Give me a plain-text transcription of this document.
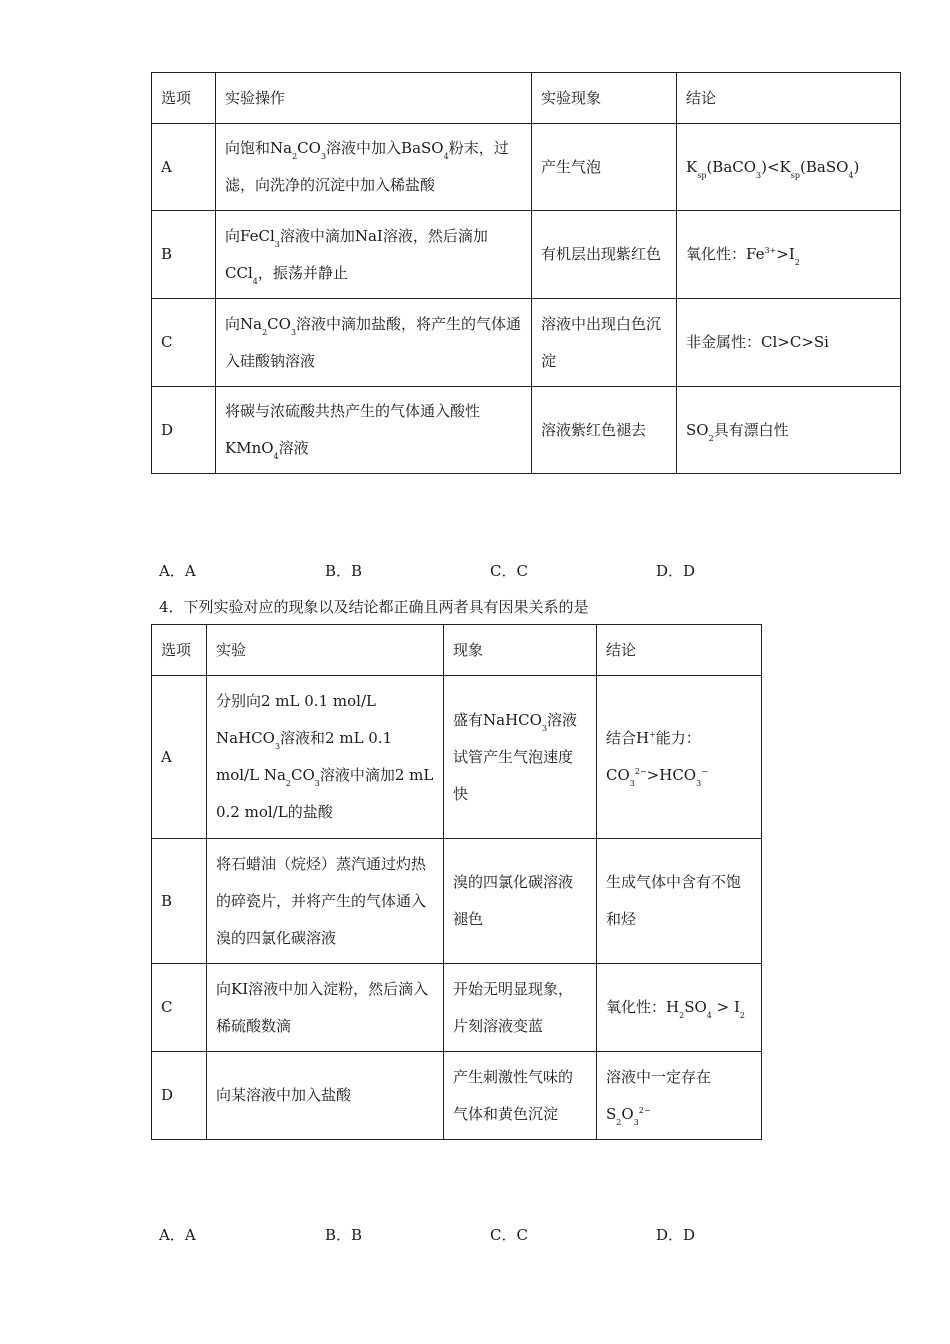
选项	实验操作	实验现象	结论
A	向饱和$Na_2CO_3$溶液中加入BaSO$_4$粉末，过滤，向洗净的沉淀中加入稀盐酸	产生气泡	$K_{sp}(BaCO_3)<K_{sp}(BaSO_4)$
B	向FeCl$_3$溶液中滴加NaI溶液，然后滴加CCl$_4$，振荡并静止	有机层出现紫红色	氧化性：$Fe^{3+}>I_2$
C	向$Na_2CO_3$溶液中滴加盐酸，将产生的气体通入硅酸钠溶液	溶液中出现白色沉淀	非金属性：Cl>C>Si
D	将碳与浓硫酸共热产生的气体通入酸性KMnO$_4$溶液	溶液紫红色褪去	$SO_2$具有漂白性
A．A	B．B	C．C	D．D
4．下列实验对应的现象以及结论都正确且两者具有因果关系的是
选项	实验	现象	结论
A	分别向2 mL 0.1 mol/L NaHCO$_3$溶液和2 mL 0.1 mol/L $Na_2CO_3$溶液中滴加2 mL 0.2 mol/L的盐酸	盛有NaHCO$_3$溶液试管产生气泡速度快	结合H+能力：$CO_3^{2-}>HCO_3^-$
B	将石蜡油（烷烃）蒸汽通过灼热的碎瓷片，并将产生的气体通入溴的四氯化碳溶液	溴的四氯化碳溶液褪色	生成气体中含有不饱和烃
C	向KI溶液中加入淀粉，然后滴入稀硫酸数滴	开始无明显现象，片刻溶液变蓝	氧化性：$H_2SO_4 > I_2$
D	向某溶液中加入盐酸	产生刺激性气味的气体和黄色沉淀	溶液中一定存在$S_2O_3^{2-}$
A．A	B．B	C．C	D．D
